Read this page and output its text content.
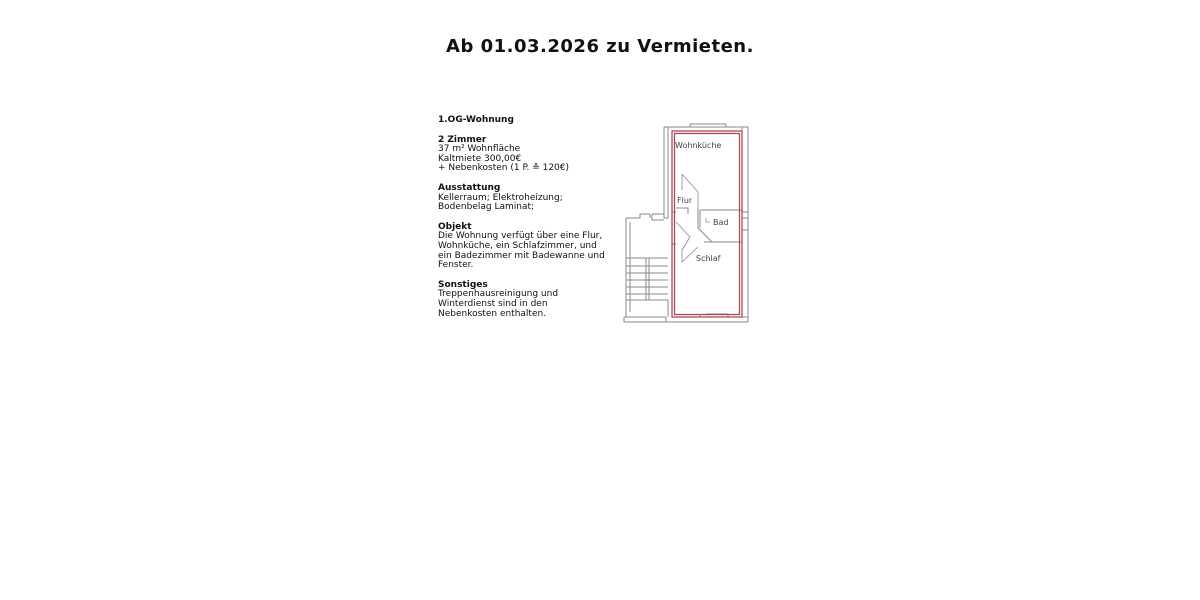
Ab 01.03.2026 zu Vermieten.
1.OG-Wohnung
2 Zimmer
37 m² Wohnfläche
Kaltmiete 300,00€
+ Nebenkosten (1 P. ≙ 120€)
Ausstattung
Kellerraum; Elektroheizung;
Bodenbelag Laminat;
Objekt
Die Wohnung verfügt über eine Flur,
Wohnküche, ein Schlafzimmer, und
ein Badezimmer mit Badewanne und
Fenster.
Sonstiges
Treppenhausreinigung und
Winterdienst sind in den
Nebenkosten enthalten.
Wohnküche
Flur
Bad
Schlaf
